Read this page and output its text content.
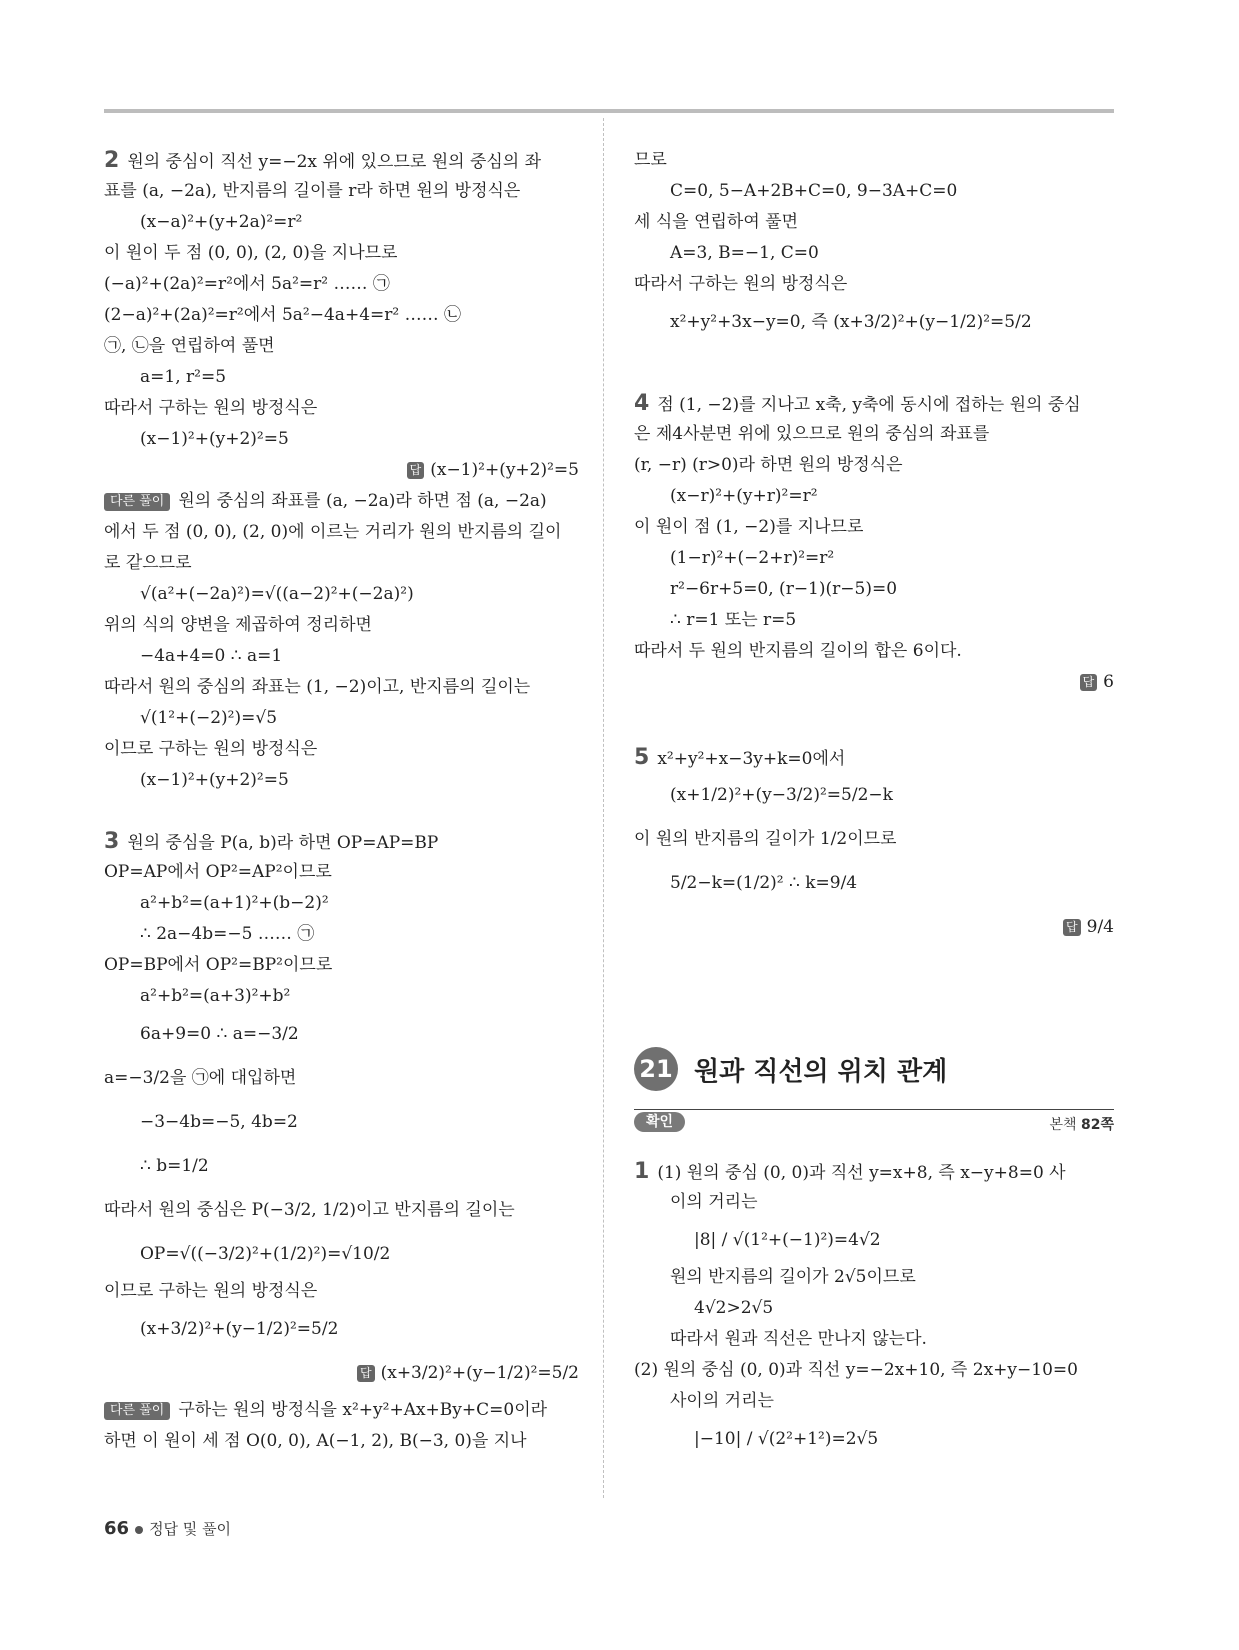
2 원의 중심이 직선 y=−2x 위에 있으므로 원의 중심의 좌
표를 (a, −2a), 반지름의 길이를 r라 하면 원의 방정식은
(x−a)²+(y+2a)²=r²
이 원이 두 점 (0, 0), (2, 0)을 지나므로
(−a)²+(2a)²=r²에서 5a²=r² …… ㉠
(2−a)²+(2a)²=r²에서 5a²−4a+4=r² …… ㉡
㉠, ㉡을 연립하여 풀면
a=1, r²=5
따라서 구하는 원의 방정식은
(x−1)²+(y+2)²=5
답 (x−1)²+(y+2)²=5
다른 풀이 원의 중심의 좌표를 (a, −2a)라 하면 점 (a, −2a)
에서 두 점 (0, 0), (2, 0)에 이르는 거리가 원의 반지름의 길이
로 같으므로
√(a²+(−2a)²)=√((a−2)²+(−2a)²)
위의 식의 양변을 제곱하여 정리하면
−4a+4=0 ∴ a=1
따라서 원의 중심의 좌표는 (1, −2)이고, 반지름의 길이는
√(1²+(−2)²)=√5
이므로 구하는 원의 방정식은
(x−1)²+(y+2)²=5
3 원의 중심을 P(a, b)라 하면 OP=AP=BP
OP=AP에서 OP²=AP²이므로
a²+b²=(a+1)²+(b−2)²
∴ 2a−4b=−5 …… ㉠
OP=BP에서 OP²=BP²이므로
a²+b²=(a+3)²+b²
6a+9=0 ∴ a=−3/2
a=−3/2을 ㉠에 대입하면
−3−4b=−5, 4b=2
∴ b=1/2
따라서 원의 중심은 P(−3/2, 1/2)이고 반지름의 길이는
OP=√((−3/2)²+(1/2)²)=√10/2
이므로 구하는 원의 방정식은
(x+3/2)²+(y−1/2)²=5/2
답 (x+3/2)²+(y−1/2)²=5/2
다른 풀이 구하는 원의 방정식을 x²+y²+Ax+By+C=0이라
하면 이 원이 세 점 O(0, 0), A(−1, 2), B(−3, 0)을 지나
므로
C=0, 5−A+2B+C=0, 9−3A+C=0
세 식을 연립하여 풀면
A=3, B=−1, C=0
따라서 구하는 원의 방정식은
x²+y²+3x−y=0, 즉 (x+3/2)²+(y−1/2)²=5/2
4 점 (1, −2)를 지나고 x축, y축에 동시에 접하는 원의 중심
은 제4사분면 위에 있으므로 원의 중심의 좌표를
(r, −r) (r>0)라 하면 원의 방정식은
(x−r)²+(y+r)²=r²
이 원이 점 (1, −2)를 지나므로
(1−r)²+(−2+r)²=r²
r²−6r+5=0, (r−1)(r−5)=0
∴ r=1 또는 r=5
따라서 두 원의 반지름의 길이의 합은 6이다.
답 6
5 x²+y²+x−3y+k=0에서
(x+1/2)²+(y−3/2)²=5/2−k
이 원의 반지름의 길이가 1/2이므로
5/2−k=(1/2)² ∴ k=9/4
답 9/4
21 원과 직선의 위치 관계
확인	본책 82쪽
1 (1) 원의 중심 (0, 0)과 직선 y=x+8, 즉 x−y+8=0 사
이의 거리는
|8| / √(1²+(−1)²)=4√2
원의 반지름의 길이가 2√5이므로
4√2>2√5
따라서 원과 직선은 만나지 않는다.
(2) 원의 중심 (0, 0)과 직선 y=−2x+10, 즉 2x+y−10=0
사이의 거리는
|−10| / √(2²+1²)=2√5
66 정답 및 풀이
